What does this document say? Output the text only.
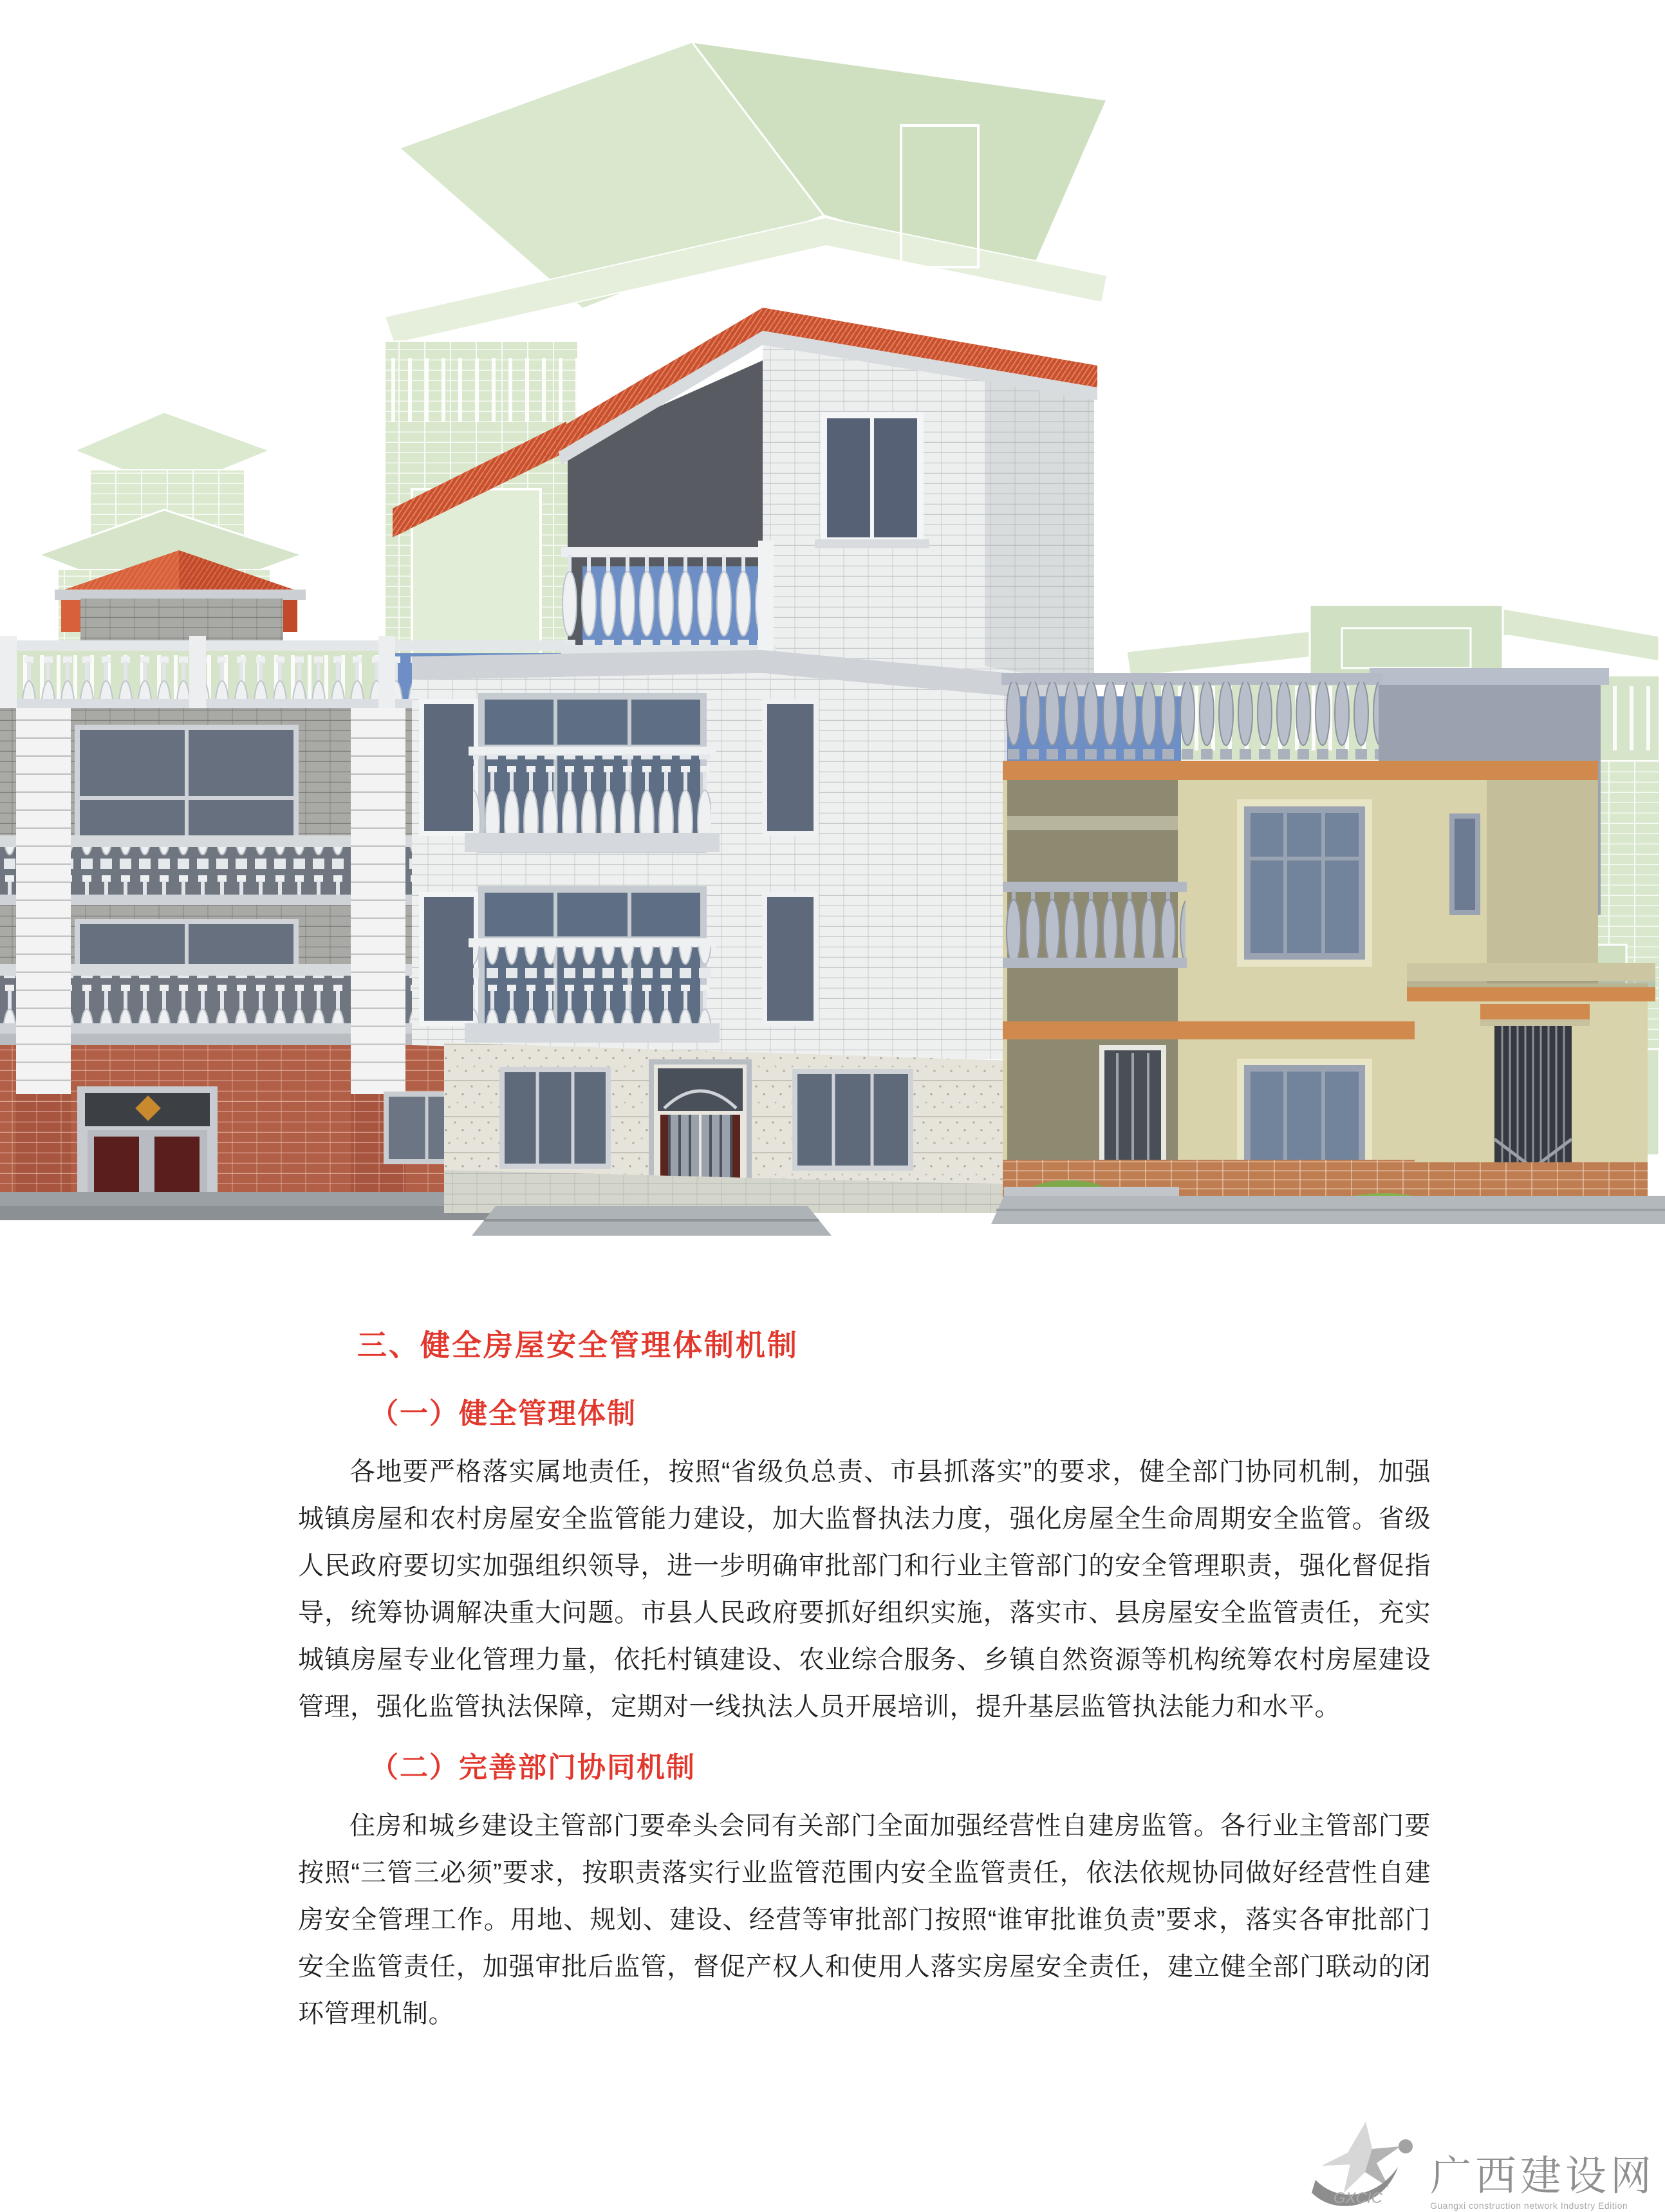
三、健全房屋安全管理体制机制
（一）健全管理体制

各地要严格落实属地责任，按照“省级负总责、市县抓落实”的要求，健全部门协同机制，加强城镇房屋和农村房屋安全监管能力建设，加大监督执法力度，强化房屋全生命周期安全监管。省级人民政府要切实加强组织领导，进一步明确审批部门和行业主管部门的安全管理职责，强化督促指导，统筹协调解决重大问题。市县人民政府要抓好组织实施，落实市、县房屋安全监管责任，充实城镇房屋专业化管理力量，依托村镇建设、农业综合服务、乡镇自然资源等机构统筹农村房屋建设管理，强化监管执法保障，定期对一线执法人员开展培训，提升基层监管执法能力和水平。

（二）完善部门协同机制

住房和城乡建设主管部门要牵头会同有关部门全面加强经营性自建房监管。各行业主管部门要按照“三管三必须”要求，按职责落实行业监管范围内安全监管责任，依法依规协同做好经营性自建房安全管理工作。用地、规划、建设、经营等审批部门按照“谁审批谁负责”要求，落实各审批部门安全监管责任，加强审批后监管，督促产权人和使用人落实房屋安全责任，建立健全部门联动的闭环管理机制。

GXCIC 广西建设网
Guangxi construction network Industry Edition
